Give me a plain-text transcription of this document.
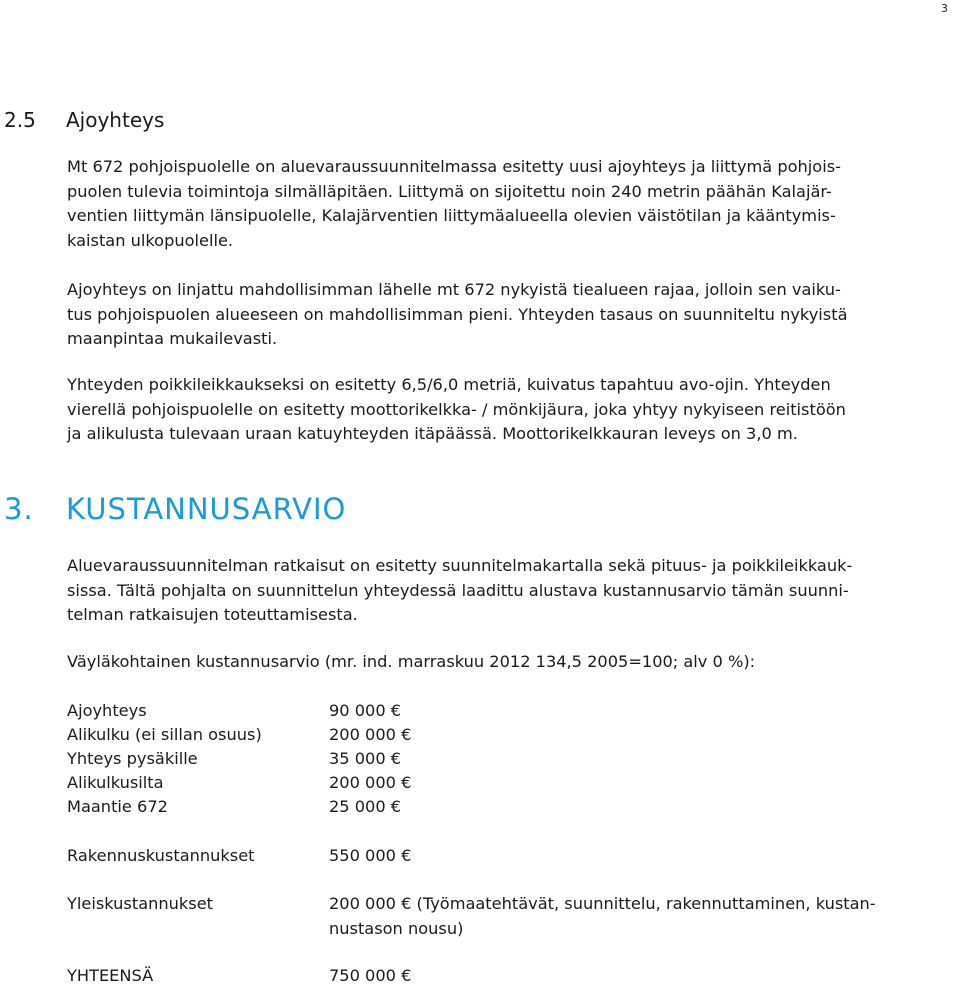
3
2.5 Ajoyhteys

Mt 672 pohjoispuolelle on aluevaraussuunnitelmassa esitetty uusi ajoyhteys ja liittymä pohjois-
puolen tulevia toimintoja silmälläpitäen. Liittymä on sijoitettu noin 240 metrin päähän Kalajär-
ventien liittymän länsipuolelle, Kalajärventien liittymäalueella olevien väistötilan ja kääntymis-
kaistan ulkopuolelle.

Ajoyhteys on linjattu mahdollisimman lähelle mt 672 nykyistä tiealueen rajaa, jolloin sen vaiku-
tus pohjoispuolen alueeseen on mahdollisimman pieni. Yhteyden tasaus on suunniteltu nykyistä
maanpintaa mukailevasti.

Yhteyden poikkileikkaukseksi on esitetty 6,5/6,0 metriä, kuivatus tapahtuu avo-ojin. Yhteyden
vierellä pohjoispuolelle on esitetty moottorikelkka- / mönkijäura, joka yhtyy nykyiseen reitistöön
ja alikulusta tulevaan uraan katuyhteyden itäpäässä. Moottorikelkkauran leveys on 3,0 m.

3. KUSTANNUSARVIO

Aluevaraussuunnitelman ratkaisut on esitetty suunnitelmakartalla sekä pituus- ja poikkileikkauk-
sissa. Tältä pohjalta on suunnittelun yhteydessä laadittu alustava kustannusarvio tämän suunni-
telman ratkaisujen toteuttamisesta.

Väyläkohtainen kustannusarvio (mr. ind. marraskuu 2012 134,5 2005=100; alv 0 %):

Ajoyhteys	90 000 €
Alikulku (ei sillan osuus)	200 000 €
Yhteys pysäkille	35 000 €
Alikulkusilta	200 000 €
Maantie 672	25 000 €
Rakennuskustannukset	550 000 €
Yleiskustannukset	200 000 € (Työmaatehtävät, suunnittelu, rakennuttaminen, kustan-
nustason nousu)
YHTEENSÄ	750 000 €
